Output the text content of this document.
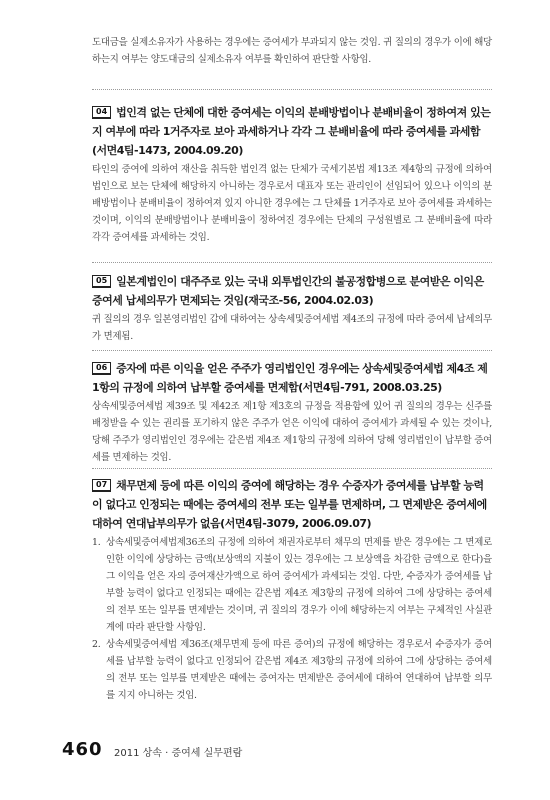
도대금을 실제소유자가 사용하는 경우에는 증여세가 부과되지 않는 것임. 귀 질의의 경우가 이에 해당하는지 여부는 양도대금의 실제소유자 여부를 확인하여 판단할 사항임.
04 법인격 없는 단체에 대한 증여세는 이익의 분배방법이나 분배비율이 정하여져 있는지 여부에 따라 1거주자로 보아 과세하거나 각각 그 분배비율에 따라 증여세를 과세함(서면4팀-1473, 2004.09.20)
타인의 증여에 의하여 재산을 취득한 법인격 없는 단체가 국세기본법 제13조 제4항의 규정에 의하여 법인으로 보는 단체에 해당하지 아니하는 경우로서 대표자 또는 관리인이 선임되어 있으나 이익의 분배방법이나 분배비율이 정하여져 있지 아니한 경우에는 그 단체를 1거주자로 보아 증여세를 과세하는 것이며, 이익의 분배방법이나 분배비율이 정하여진 경우에는 단체의 구성원별로 그 분배비율에 따라 각각 증여세를 과세하는 것임.
05 일본계법인이 대주주로 있는 국내 외투법인간의 불공정합병으로 분여받은 이익은 증여세 납세의무가 면제되는 것임(재국조-56, 2004.02.03)
귀 질의의 경우 일본영리법인 갑에 대하여는 상속세및증여세법 제4조의 규정에 따라 증여세 납세의무가 면제됨.
06 증자에 따른 이익을 얻은 주주가 영리법인인 경우에는 상속세및증여세법 제4조 제1항의 규정에 의하여 납부할 증여세를 면제함(서면4팀-791, 2008.03.25)
상속세및증여세법 제39조 및 제42조 제1항 제3호의 규정을 적용함에 있어 귀 질의의 경우는 신주를 배정받을 수 있는 권리를 포기하지 않은 주주가 얻은 이익에 대하여 증여세가 과세될 수 있는 것이나, 당해 주주가 영리법인인 경우에는 같은법 제4조 제1항의 규정에 의하여 당해 영리법인이 납부할 증여세를 면제하는 것임.
07 채무면제 등에 따른 이익의 증여에 해당하는 경우 수증자가 증여세를 납부할 능력이 없다고 인정되는 때에는 증여세의 전부 또는 일부를 면제하며, 그 면제받은 증여세에 대하여 연대납부의무가 없음(서면4팀-3079, 2006.09.07)
1. 상속세및증여세법제36조의 규정에 의하여 채권자로부터 채무의 면제를 받은 경우에는 그 면제로 인한 이익에 상당하는 금액(보상액의 지불이 있는 경우에는 그 보상액을 차감한 금액으로 한다)을 그 이익을 얻은 자의 증여재산가액으로 하여 증여세가 과세되는 것임. 다만, 수증자가 증여세를 납부할 능력이 없다고 인정되는 때에는 같은법 제4조 제3항의 규정에 의하여 그에 상당하는 증여세의 전부 또는 일부를 면제받는 것이며, 귀 질의의 경우가 이에 해당하는지 여부는 구체적인 사실관계에 따라 판단할 사항임.
2. 상속세및증여세법 제36조(채무면제 등에 따른 증여)의 규정에 해당하는 경우로서 수증자가 증여세를 납부할 능력이 없다고 인정되어 같은법 제4조 제3항의 규정에 의하여 그에 상당하는 증여세의 전부 또는 일부를 면제받은 때에는 증여자는 면제받은 증여세에 대하여 연대하여 납부할 의무를 지지 아니하는 것임.
460 2011 상속 · 증여세 실무편람
